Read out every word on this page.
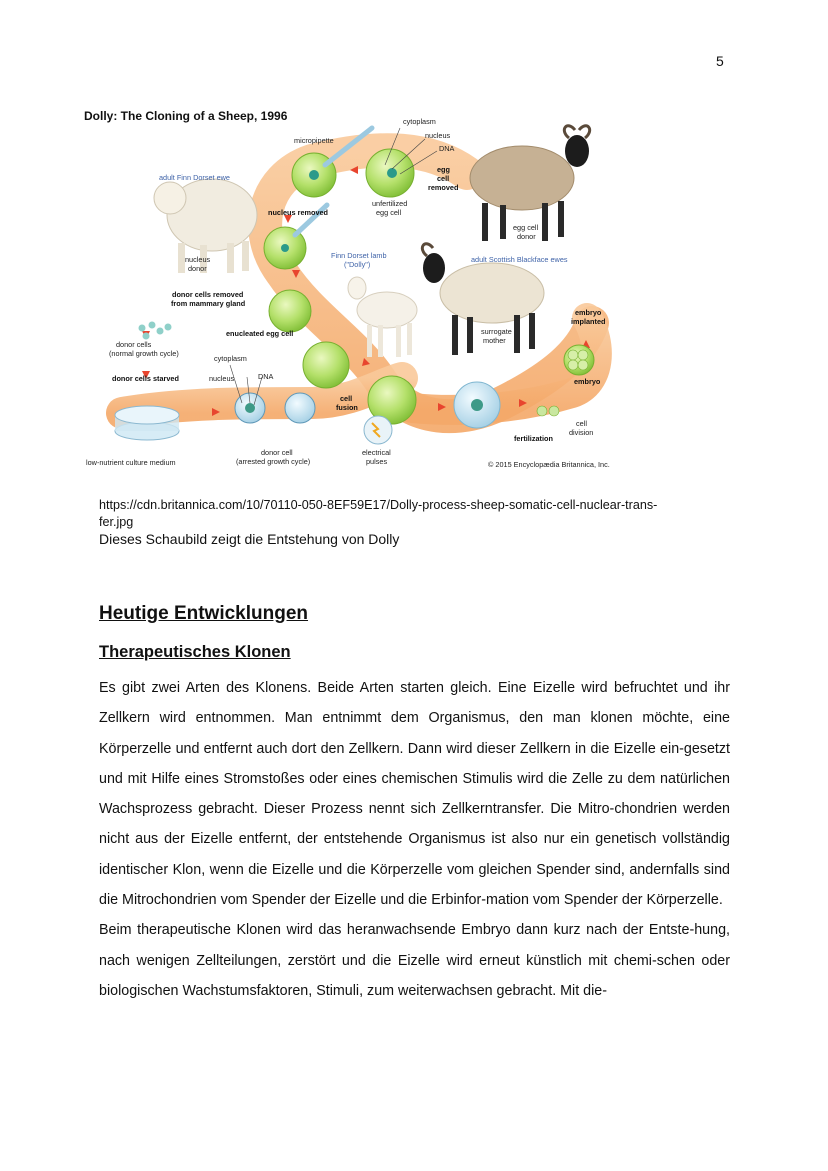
5
Dolly: The Cloning of a Sheep, 1996	cytoplasm
nucleus
DNA
micropipette
egg
cell
removed
adult Finn Dorset ewe
nucleus removed
unfertilized
egg cell
egg cell
donor
nucleus
donor
Finn Dorset lamb
("Dolly")
adult Scottish Blackface ewes
donor cells removed
from mammary gland
embryo
implanted
enucleated egg cell
donor cells
(normal growth cycle)
surrogate
mother
cytoplasm
nucleus	DNA
donor cells starved	embryo
cell
fusion
cell
division
fertilization
low-nutrient culture medium
donor cell
(arrested growth cycle)
electrical
pulses	© 2015 Encyclopædia Britannica, Inc.
https://cdn.britannica.com/10/70110-050-8EF59E17/Dolly-process-sheep-somatic-cell-nuclear-trans-
fer.jpg
Dieses Schaubild zeigt die Entstehung von Dolly
Heutige Entwicklungen
Therapeutisches Klonen

Es gibt zwei Arten des Klonens. Beide Arten starten gleich. Eine Eizelle wird befruchtet und ihr Zellkern wird entnommen. Man entnimmt dem Organismus, den man klonen möchte, eine Körperzelle und entfernt auch dort den Zellkern. Dann wird dieser Zellkern in die Eizelle ein-gesetzt und mit Hilfe eines Stromstoßes oder eines chemischen Stimulis wird die Zelle zu dem natürlichen Wachsprozess gebracht. Dieser Prozess nennt sich Zellkerntransfer. Die Mitro-chondrien werden nicht aus der Eizelle entfernt, der entstehende Organismus ist also nur ein genetisch vollständig identischer Klon, wenn die Eizelle und die Körperzelle vom gleichen Spender sind, andernfalls sind die Mitrochondrien vom Spender der Eizelle und die Erbinfor-mation vom Spender der Körperzelle.

Beim therapeutische Klonen wird das heranwachsende Embryo dann kurz nach der Entste-hung, nach wenigen Zellteilungen, zerstört und die Eizelle wird erneut künstlich mit chemi-schen oder biologischen Wachstumsfaktoren, Stimuli, zum weiterwachsen gebracht. Mit die-
